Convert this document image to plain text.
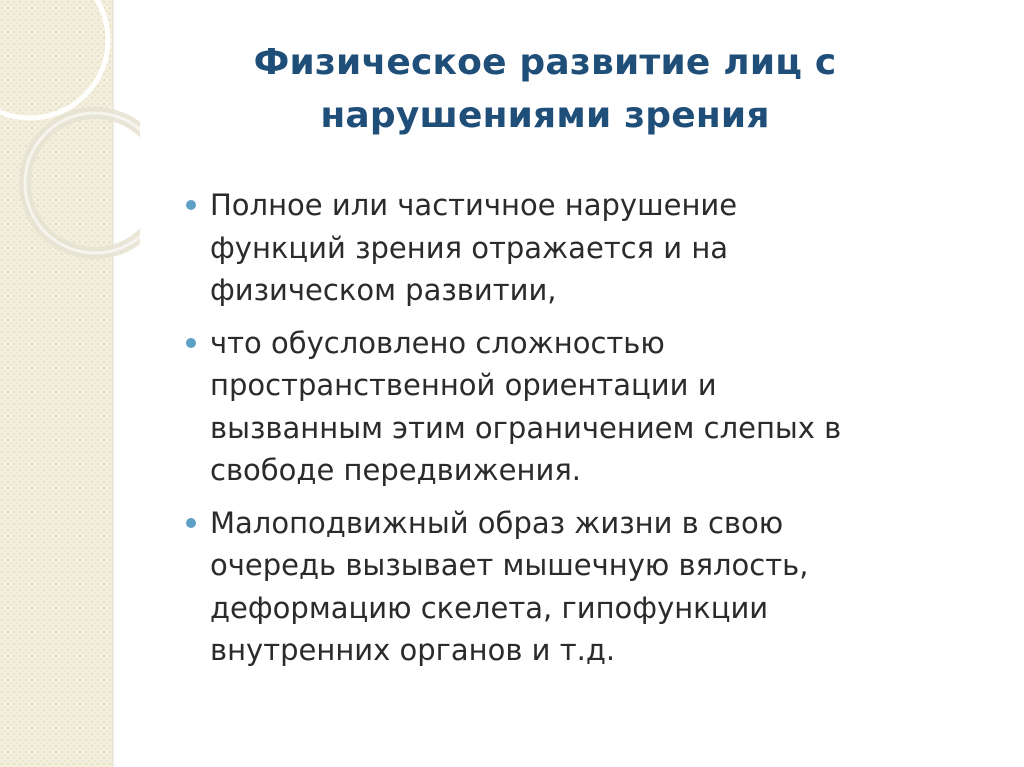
Физическое развитие лиц с
нарушениями зрения
Полное или частичное нарушение
функций зрения отражается и на
физическом развитии,
что обусловлено сложностью
пространственной ориентации и
вызванным этим ограничением слепых в
свободе передвижения.
Малоподвижный образ жизни в свою
очередь вызывает мышечную вялость,
деформацию скелета, гипофункции
внутренних органов и т.д.
